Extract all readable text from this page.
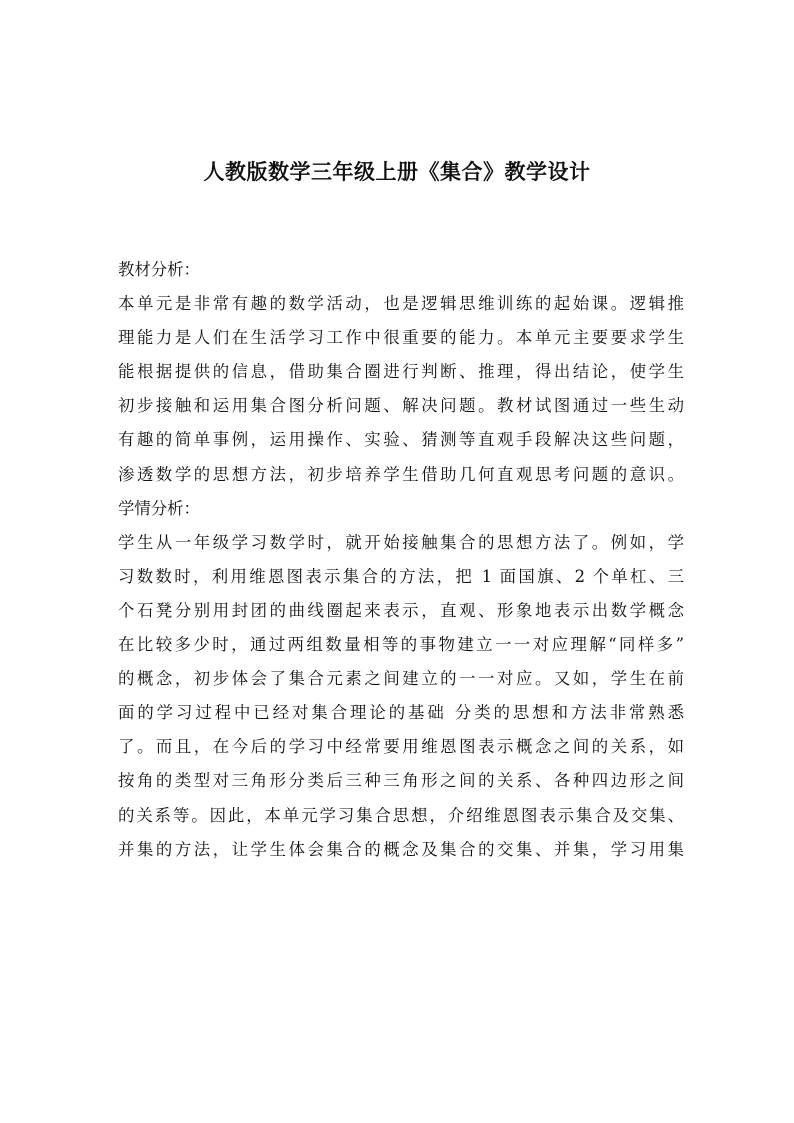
人教版数学三年级上册《集合》教学设计
教材分析：
本单元是非常有趣的数学活动，也是逻辑思维训练的起始课。逻辑推
理能力是人们在生活学习工作中很重要的能力。本单元主要要求学生
能根据提供的信息，借助集合圈进行判断、推理，得出结论，使学生
初步接触和运用集合图分析问题、解决问题。教材试图通过一些生动
有趣的简单事例，运用操作、实验、猜测等直观手段解决这些问题，
渗透数学的思想方法，初步培养学生借助几何直观思考问题的意识。
学情分析：
学生从一年级学习数学时，就开始接触集合的思想方法了。例如，学
习数数时，利用维恩图表示集合的方法，把 1 面国旗、2 个单杠、三
个石凳分别用封团的曲线圈起来表示，直观、形象地表示出数学概念
在比较多少时，通过两组数量相等的事物建立一一对应理解“同样多”
的概念，初步体会了集合元素之间建立的一一对应。又如，学生在前
面的学习过程中已经对集合理论的基础 分类的思想和方法非常熟悉
了。而且，在今后的学习中经常要用维恩图表示概念之间的关系，如
按角的类型对三角形分类后三种三角形之间的关系、各种四边形之间
的关系等。因此，本单元学习集合思想，介绍维恩图表示集合及交集、
并集的方法，让学生体会集合的概念及集合的交集、并集，学习用集
